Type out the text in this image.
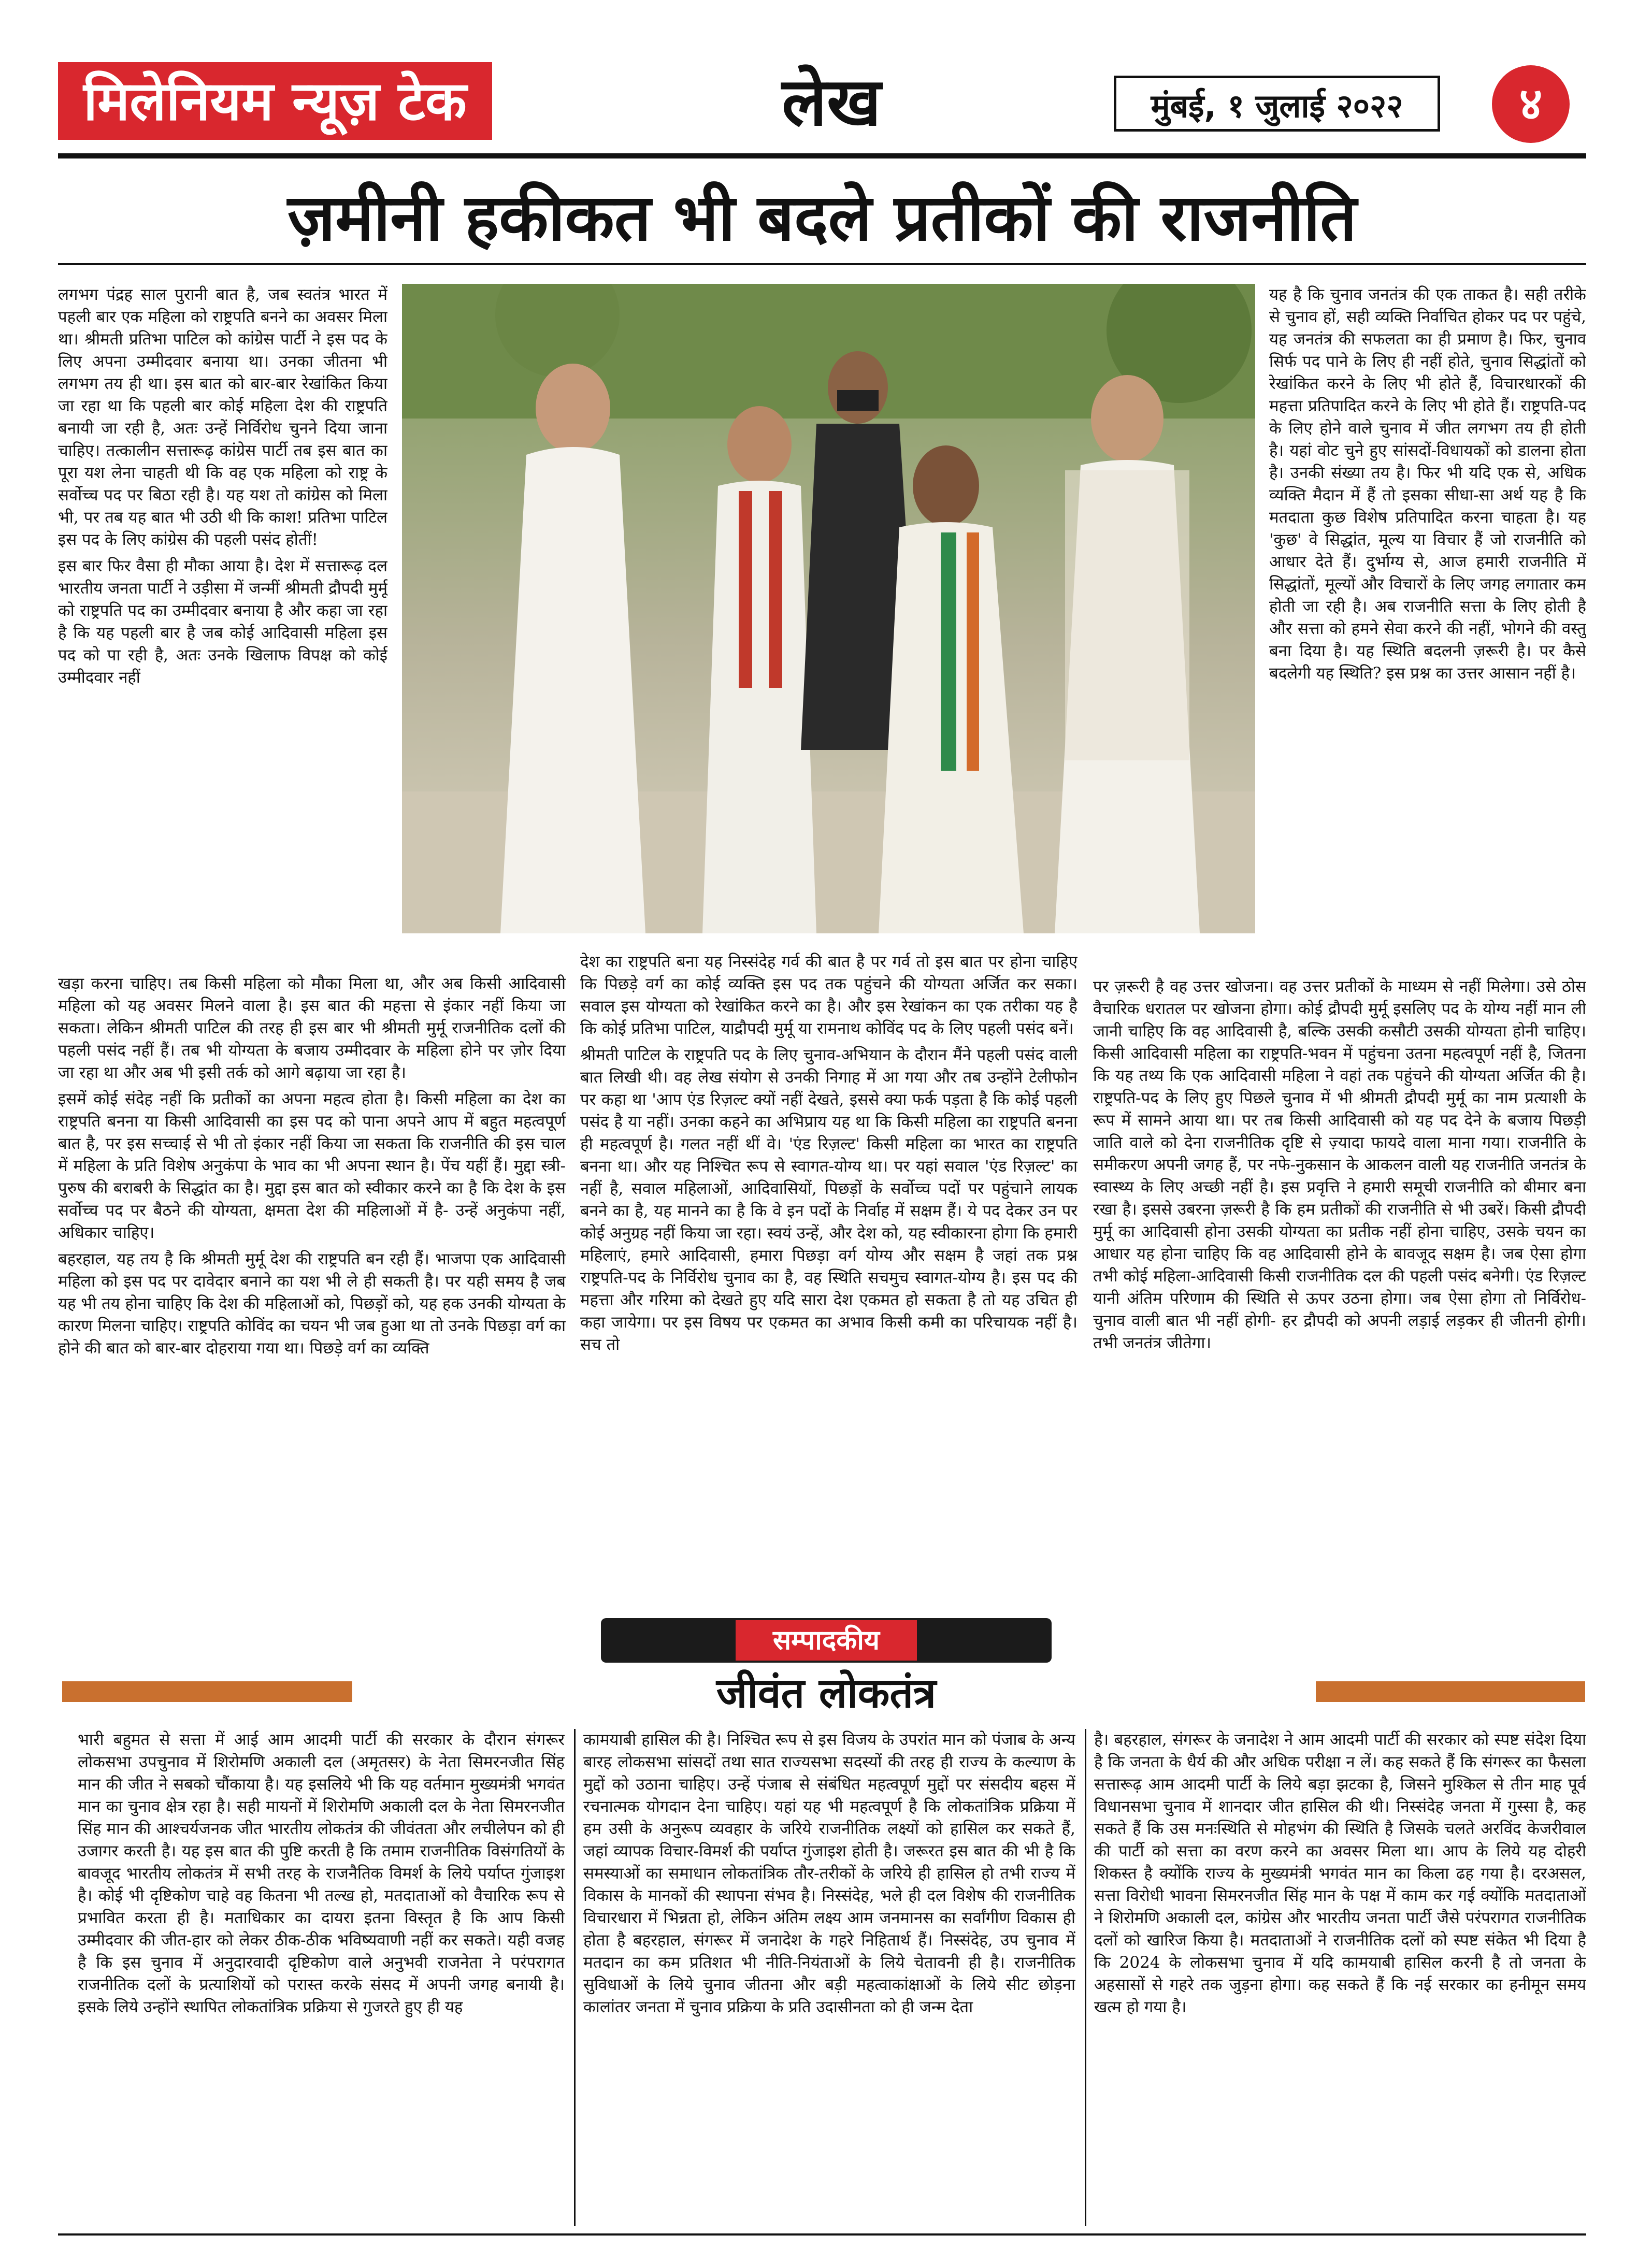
मिलेनियम न्यूज़ टेक	लेख	मुंबई, १ जुलाई २०२२	४
ज़मीनी हकीकत भी बदले प्रतीकों की राजनीति

लगभग पंद्रह साल पुरानी बात है, जब स्वतंत्र भारत में पहली बार एक महिला को राष्ट्रपति बनने का अवसर मिला था। श्रीमती प्रतिभा पाटिल को कांग्रेस पार्टी ने इस पद के लिए अपना उम्मीदवार बनाया था। उनका जीतना भी लगभग तय ही था। इस बात को बार-बार रेखांकित किया जा रहा था कि पहली बार कोई महिला देश की राष्ट्रपति बनायी जा रही है, अतः उन्हें निर्विरोध चुनने दिया जाना चाहिए। तत्कालीन सत्तारूढ़ कांग्रेस पार्टी तब इस बात का पूरा यश लेना चाहती थी कि वह एक महिला को राष्ट्र के सर्वोच्च पद पर बिठा रही है। यह यश तो कांग्रेस को मिला भी, पर तब यह बात भी उठी थी कि काश! प्रतिभा पाटिल इस पद के लिए कांग्रेस की पहली पसंद होतीं!

इस बार फिर वैसा ही मौका आया है। देश में सत्तारूढ़ दल भारतीय जनता पार्टी ने उड़ीसा में जन्मीं श्रीमती द्रौपदी मुर्मू को राष्ट्रपति पद का उम्मीदवार बनाया है और कहा जा रहा है कि यह पहली बार है जब कोई आदिवासी महिला इस पद को पा रही है, अतः उनके खिलाफ विपक्ष को कोई उम्मीदवार नहीं

खड़ा करना चाहिए। तब किसी महिला को मौका मिला था, और अब किसी आदिवासी महिला को यह अवसर मिलने वाला है। इस बात की महत्ता से इंकार नहीं किया जा सकता। लेकिन श्रीमती पाटिल की तरह ही इस बार भी श्रीमती मुर्मू राजनीतिक दलों की पहली पसंद नहीं हैं। तब भी योग्यता के बजाय उम्मीदवार के महिला होने पर ज़ोर दिया जा रहा था और अब भी इसी तर्क को आगे बढ़ाया जा रहा है।

इसमें कोई संदेह नहीं कि प्रतीकों का अपना महत्व होता है। किसी महिला का देश का राष्ट्रपति बनना या किसी आदिवासी का इस पद को पाना अपने आप में बहुत महत्वपूर्ण बात है, पर इस सच्चाई से भी तो इंकार नहीं किया जा सकता कि राजनीति की इस चाल में महिला के प्रति विशेष अनुकंपा के भाव का भी अपना स्थान है। पेंच यहीं हैं। मुद्दा स्त्री-पुरुष की बराबरी के सिद्धांत का है। मुद्दा इस बात को स्वीकार करने का है कि देश के इस सर्वोच्च पद पर बैठने की योग्यता, क्षमता देश की महिलाओं में है- उन्हें अनुकंपा नहीं, अधिकार चाहिए।

बहरहाल, यह तय है कि श्रीमती मुर्मू देश की राष्ट्रपति बन रही हैं। भाजपा एक आदिवासी महिला को इस पद पर दावेदार बनाने का यश भी ले ही सकती है। पर यही समय है जब यह भी तय होना चाहिए कि देश की महिलाओं को, पिछड़ों को, यह हक उनकी योग्यता के कारण मिलना चाहिए। राष्ट्रपति कोविंद का चयन भी जब हुआ था तो उनके पिछड़ा वर्ग का होने की बात को बार-बार दोहराया गया था। पिछड़े वर्ग का व्यक्ति

देश का राष्ट्रपति बना यह निस्संदेह गर्व की बात है पर गर्व तो इस बात पर होना चाहिए कि पिछड़े वर्ग का कोई व्यक्ति इस पद तक पहुंचने की योग्यता अर्जित कर सका। सवाल इस योग्यता को रेखांकित करने का है। और इस रेखांकन का एक तरीका यह है कि कोई प्रतिभा पाटिल, याद्रौपदी मुर्मू या रामनाथ कोविंद पद के लिए पहली पसंद बनें।

श्रीमती पाटिल के राष्ट्रपति पद के लिए चुनाव-अभियान के दौरान मैंने पहली पसंद वाली बात लिखी थी। वह लेख संयोग से उनकी निगाह में आ गया और तब उन्होंने टेलीफोन पर कहा था 'आप एंड रिज़ल्ट क्यों नहीं देखते, इससे क्या फर्क पड़ता है कि कोई पहली पसंद है या नहीं। उनका कहने का अभिप्राय यह था कि किसी महिला का राष्ट्रपति बनना ही महत्वपूर्ण है। गलत नहीं थीं वे। 'एंड रिज़ल्ट' किसी महिला का भारत का राष्ट्रपति बनना था। और यह निश्चित रूप से स्वागत-योग्य था। पर यहां सवाल 'एंड रिज़ल्ट' का नहीं है, सवाल महिलाओं, आदिवासियों, पिछड़ों के सर्वोच्च पदों पर पहुंचाने लायक बनने का है, यह मानने का है कि वे इन पदों के निर्वाह में सक्षम हैं। ये पद देकर उन पर कोई अनुग्रह नहीं किया जा रहा। स्वयं उन्हें, और देश को, यह स्वीकारना होगा कि हमारी महिलाएं, हमारे आदिवासी, हमारा पिछड़ा वर्ग योग्य और सक्षम है जहां तक प्रश्न राष्ट्रपति-पद के निर्विरोध चुनाव का है, वह स्थिति सचमुच स्वागत-योग्य है। इस पद की महत्ता और गरिमा को देखते हुए यदि सारा देश एकमत हो सकता है तो यह उचित ही कहा जायेगा। पर इस विषय पर एकमत का अभाव किसी कमी का परिचायक नहीं है। सच तो

यह है कि चुनाव जनतंत्र की एक ताकत है। सही तरीके से चुनाव हों, सही व्यक्ति निर्वाचित होकर पद पर पहुंचे, यह जनतंत्र की सफलता का ही प्रमाण है। फिर, चुनाव सिर्फ पद पाने के लिए ही नहीं होते, चुनाव सिद्धांतों को रेखांकित करने के लिए भी होते हैं, विचारधारकों की महत्ता प्रतिपादित करने के लिए भी होते हैं। राष्ट्रपति-पद के लिए होने वाले चुनाव में जीत लगभग तय ही होती है। यहां वोट चुने हुए सांसदों-विधायकों को डालना होता है। उनकी संख्या तय है। फिर भी यदि एक से, अधिक व्यक्ति मैदान में हैं तो इसका सीधा-सा अर्थ यह है कि मतदाता कुछ विशेष प्रतिपादित करना चाहता है। यह 'कुछ' वे सिद्धांत, मूल्य या विचार हैं जो राजनीति को आधार देते हैं। दुर्भाग्य से, आज हमारी राजनीति में सिद्धांतों, मूल्यों और विचारों के लिए जगह लगातार कम होती जा रही है। अब राजनीति सत्ता के लिए होती है और सत्ता को हमने सेवा करने की नहीं, भोगने की वस्तु बना दिया है। यह स्थिति बदलनी ज़रूरी है। पर कैसे बदलेगी यह स्थिति? इस प्रश्न का उत्तर आसान नहीं है।

पर ज़रूरी है वह उत्तर खोजना। वह उत्तर प्रतीकों के माध्यम से नहीं मिलेगा। उसे ठोस वैचारिक धरातल पर खोजना होगा। कोई द्रौपदी मुर्मू इसलिए पद के योग्य नहीं मान ली जानी चाहिए कि वह आदिवासी है, बल्कि उसकी कसौटी उसकी योग्यता होनी चाहिए। किसी आदिवासी महिला का राष्ट्रपति-भवन में पहुंचना उतना महत्वपूर्ण नहीं है, जितना कि यह तथ्य कि एक आदिवासी महिला ने वहां तक पहुंचने की योग्यता अर्जित की है। राष्ट्रपति-पद के लिए हुए पिछले चुनाव में भी श्रीमती द्रौपदी मुर्मू का नाम प्रत्याशी के रूप में सामने आया था। पर तब किसी आदिवासी को यह पद देने के बजाय पिछड़ी जाति वाले को देना राजनीतिक दृष्टि से ज़्यादा फायदे वाला माना गया। राजनीति के समीकरण अपनी जगह हैं, पर नफे-नुकसान के आकलन वाली यह राजनीति जनतंत्र के स्वास्थ्य के लिए अच्छी नहीं है। इस प्रवृत्ति ने हमारी समूची राजनीति को बीमार बना रखा है। इससे उबरना ज़रूरी है कि हम प्रतीकों की राजनीति से भी उबरें। किसी द्रौपदी मुर्मू का आदिवासी होना उसकी योग्यता का प्रतीक नहीं होना चाहिए, उसके चयन का आधार यह होना चाहिए कि वह आदिवासी होने के बावजूद सक्षम है। जब ऐसा होगा तभी कोई महिला-आदिवासी किसी राजनीतिक दल की पहली पसंद बनेगी। एंड रिज़ल्ट यानी अंतिम परिणाम की स्थिति से ऊपर उठना होगा। जब ऐसा होगा तो निर्विरोध-चुनाव वाली बात भी नहीं होगी- हर द्रौपदी को अपनी लड़ाई लड़कर ही जीतनी होगी। तभी जनतंत्र जीतेगा।

सम्पादकीय
जीवंत लोकतंत्र

भारी बहुमत से सत्ता में आई आम आदमी पार्टी की सरकार के दौरान संगरूर लोकसभा उपचुनाव में शिरोमणि अकाली दल (अमृतसर) के नेता सिमरनजीत सिंह मान की जीत ने सबको चौंकाया है। यह इसलिये भी कि यह वर्तमान मुख्यमंत्री भगवंत मान का चुनाव क्षेत्र रहा है। सही मायनों में शिरोमणि अकाली दल के नेता सिमरनजीत सिंह मान की आश्चर्यजनक जीत भारतीय लोकतंत्र की जीवंतता और लचीलेपन को ही उजागर करती है। यह इस बात की पुष्टि करती है कि तमाम राजनीतिक विसंगतियों के बावजूद भारतीय लोकतंत्र में सभी तरह के राजनैतिक विमर्श के लिये पर्याप्त गुंजाइश है। कोई भी दृष्टिकोण चाहे वह कितना भी तल्ख हो, मतदाताओं को वैचारिक रूप से प्रभावित करता ही है। मताधिकार का दायरा इतना विस्तृत है कि आप किसी उम्मीदवार की जीत-हार को लेकर ठीक-ठीक भविष्यवाणी नहीं कर सकते। यही वजह है कि इस चुनाव में अनुदारवादी दृष्टिकोण वाले अनुभवी राजनेता ने परंपरागत राजनीतिक दलों के प्रत्याशियों को परास्त करके संसद में अपनी जगह बनायी है। इसके लिये उन्होंने स्थापित लोकतांत्रिक प्रक्रिया से गुजरते हुए ही यह

कामयाबी हासिल की है। निश्चित रूप से इस विजय के उपरांत मान को पंजाब के अन्य बारह लोकसभा सांसदों तथा सात राज्यसभा सदस्यों की तरह ही राज्य के कल्याण के मुद्दों को उठाना चाहिए। उन्हें पंजाब से संबंधित महत्वपूर्ण मुद्दों पर संसदीय बहस में रचनात्मक योगदान देना चाहिए। यहां यह भी महत्वपूर्ण है कि लोकतांत्रिक प्रक्रिया में हम उसी के अनुरूप व्यवहार के जरिये राजनीतिक लक्ष्यों को हासिल कर सकते हैं, जहां व्यापक विचार-विमर्श की पर्याप्त गुंजाइश होती है। जरूरत इस बात की भी है कि समस्याओं का समाधान लोकतांत्रिक तौर-तरीकों के जरिये ही हासिल हो तभी राज्य में विकास के मानकों की स्थापना संभव है। निस्संदेह, भले ही दल विशेष की राजनीतिक विचारधारा में भिन्नता हो, लेकिन अंतिम लक्ष्य आम जनमानस का सर्वांगीण विकास ही होता है बहरहाल, संगरूर में जनादेश के गहरे निहितार्थ हैं। निस्संदेह, उप चुनाव में मतदान का कम प्रतिशत भी नीति-नियंताओं के लिये चेतावनी ही है। राजनीतिक सुविधाओं के लिये चुनाव जीतना और बड़ी महत्वाकांक्षाओं के लिये सीट छोड़ना कालांतर जनता में चुनाव प्रक्रिया के प्रति उदासीनता को ही जन्म देता

है। बहरहाल, संगरूर के जनादेश ने आम आदमी पार्टी की सरकार को स्पष्ट संदेश दिया है कि जनता के धैर्य की और अधिक परीक्षा न लें। कह सकते हैं कि संगरूर का फैसला सत्तारूढ़ आम आदमी पार्टी के लिये बड़ा झटका है, जिसने मुश्किल से तीन माह पूर्व विधानसभा चुनाव में शानदार जीत हासिल की थी। निस्संदेह जनता में गुस्सा है, कह सकते हैं कि उस मनःस्थिति से मोहभंग की स्थिति है जिसके चलते अरविंद केजरीवाल की पार्टी को सत्ता का वरण करने का अवसर मिला था। आप के लिये यह दोहरी शिकस्त है क्योंकि राज्य के मुख्यमंत्री भगवंत मान का किला ढह गया है। दरअसल, सत्ता विरोधी भावना सिमरनजीत सिंह मान के पक्ष में काम कर गई क्योंकि मतदाताओं ने शिरोमणि अकाली दल, कांग्रेस और भारतीय जनता पार्टी जैसे परंपरागत राजनीतिक दलों को खारिज किया है। मतदाताओं ने राजनीतिक दलों को स्पष्ट संकेत भी दिया है कि 2024 के लोकसभा चुनाव में यदि कामयाबी हासिल करनी है तो जनता के अहसासों से गहरे तक जुड़ना होगा। कह सकते हैं कि नई सरकार का हनीमून समय खत्म हो गया है।
